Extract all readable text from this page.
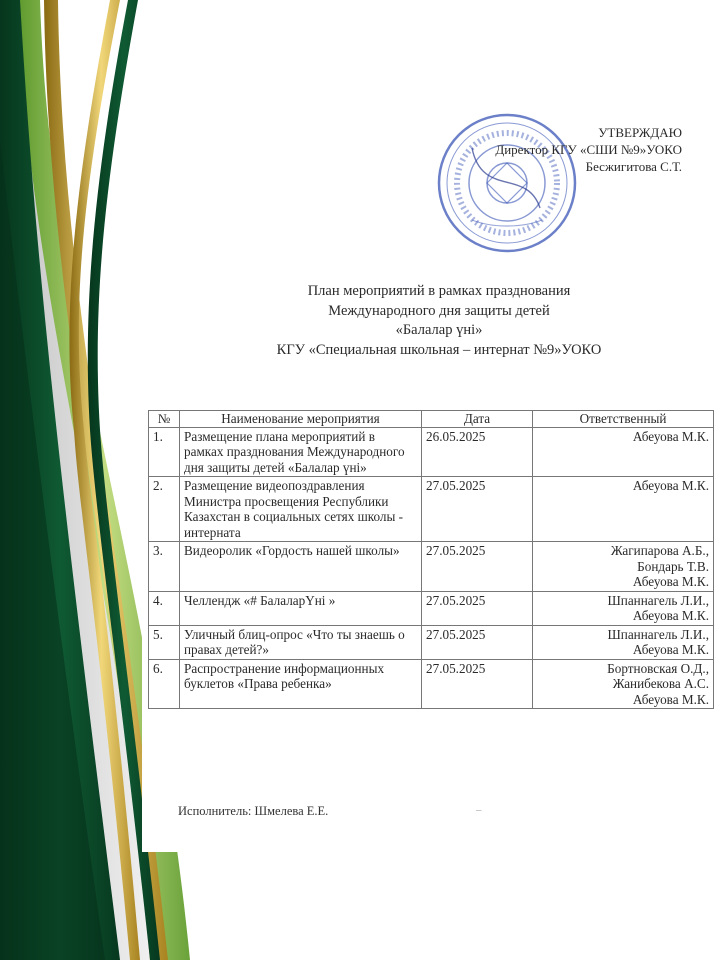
УТВЕРЖДАЮ
Директор КГУ «СШИ №9»УОКО
Бесжигитова С.Т.
План мероприятий в рамках празднования
Международного дня защиты детей
«Балалар үні»
КГУ «Специальная школьная – интернат №9»УОКО
№	Наименование мероприятия	Дата	Ответственный
1.	Размещение плана мероприятий в рамках празднования Международного дня защиты детей «Балалар үні»	26.05.2025	Абеуова М.К.

2.	Размещение видеопоздравления Министра просвещения Республики Казахстан в социальных сетях школы - интерната	27.05.2025	Абеуова М.К.

3.	Видеоролик «Гордость нашей школы»	27.05.2025	Жагипарова А.Б.,
Бондарь Т.В.
Абеуова М.К.

4.	Челлендж «# БалаларҮні »	27.05.2025	Шпаннагель Л.И.,
Абеуова М.К.

5.	Уличный блиц-опрос «Что ты знаешь о правах детей?»	27.05.2025	Шпаннагель Л.И.,
Абеуова М.К.

6.	Распространение информационных буклетов «Права ребенка»	27.05.2025	Бортновская О.Д.,
Жанибекова А.С.
Абеуова М.К.
Исполнитель: Шмелева Е.Е.	–
